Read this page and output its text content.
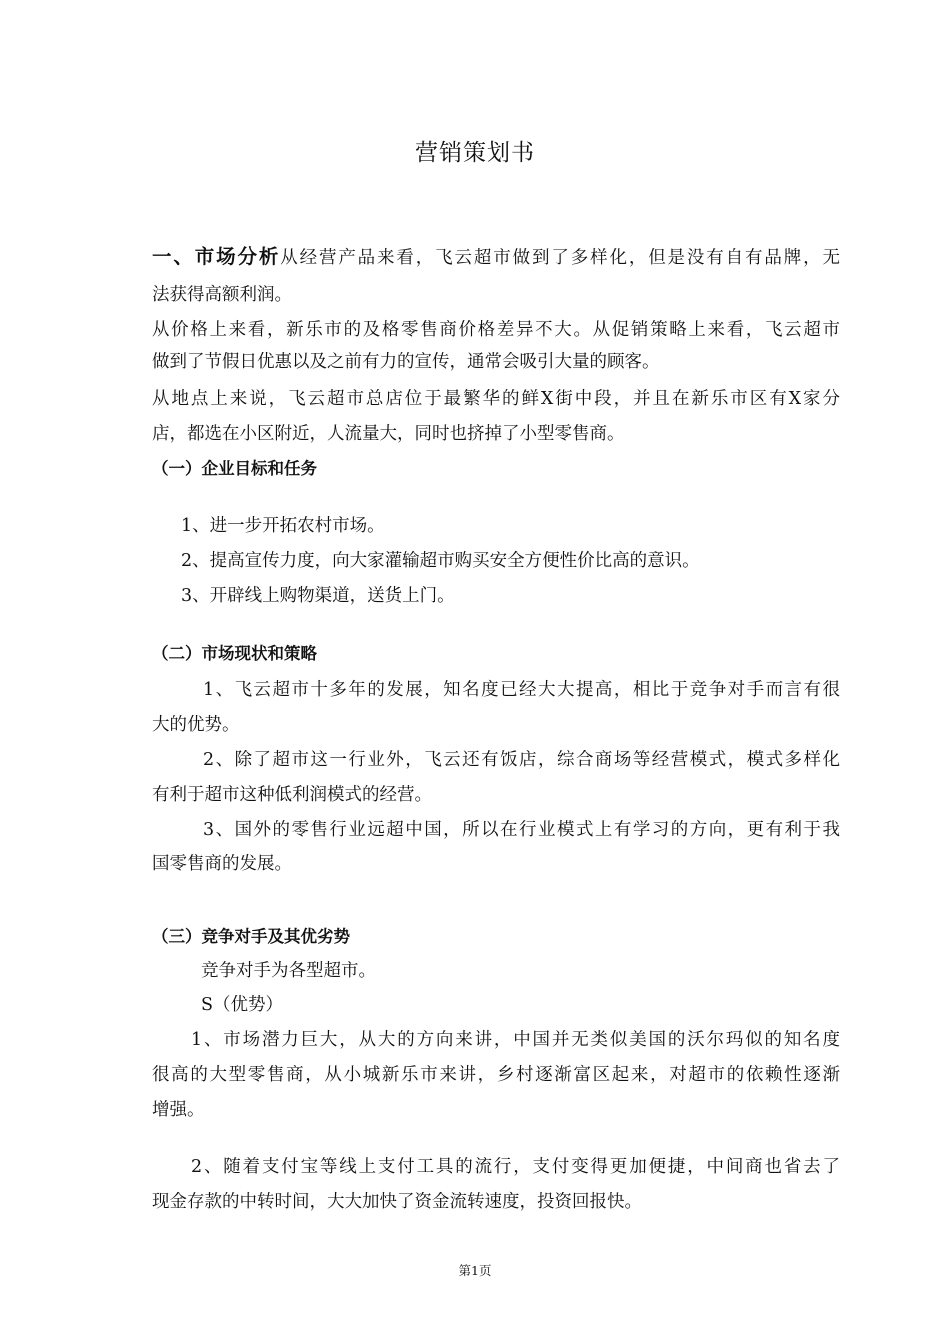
营销策划书
一、市场分析从经营产品来看，飞云超市做到了多样化，但是没有自有品牌，无
法获得高额利润。
从价格上来看，新乐市的及格零售商价格差异不大。从促销策略上来看，飞云超市
做到了节假日优惠以及之前有力的宣传，通常会吸引大量的顾客。
从地点上来说，飞云超市总店位于最繁华的鲜X街中段，并且在新乐市区有X家分
店，都选在小区附近，人流量大，同时也挤掉了小型零售商。
（一）企业目标和任务
1、进一步开拓农村市场。
2、提高宣传力度，向大家灌输超市购买安全方便性价比高的意识。
3、开辟线上购物渠道，送货上门。
（二）市场现状和策略
1、飞云超市十多年的发展，知名度已经大大提高，相比于竞争对手而言有很
大的优势。
2、除了超市这一行业外，飞云还有饭店，综合商场等经营模式，模式多样化
有利于超市这种低利润模式的经营。
3、国外的零售行业远超中国，所以在行业模式上有学习的方向，更有利于我
国零售商的发展。
（三）竞争对手及其优劣势
竞争对手为各型超市。
S（优势）
1、市场潜力巨大，从大的方向来讲，中国并无类似美国的沃尔玛似的知名度
很高的大型零售商，从小城新乐市来讲，乡村逐渐富区起来，对超市的依赖性逐渐
增强。
2、随着支付宝等线上支付工具的流行，支付变得更加便捷，中间商也省去了
现金存款的中转时间，大大加快了资金流转速度，投资回报快。
第1页
